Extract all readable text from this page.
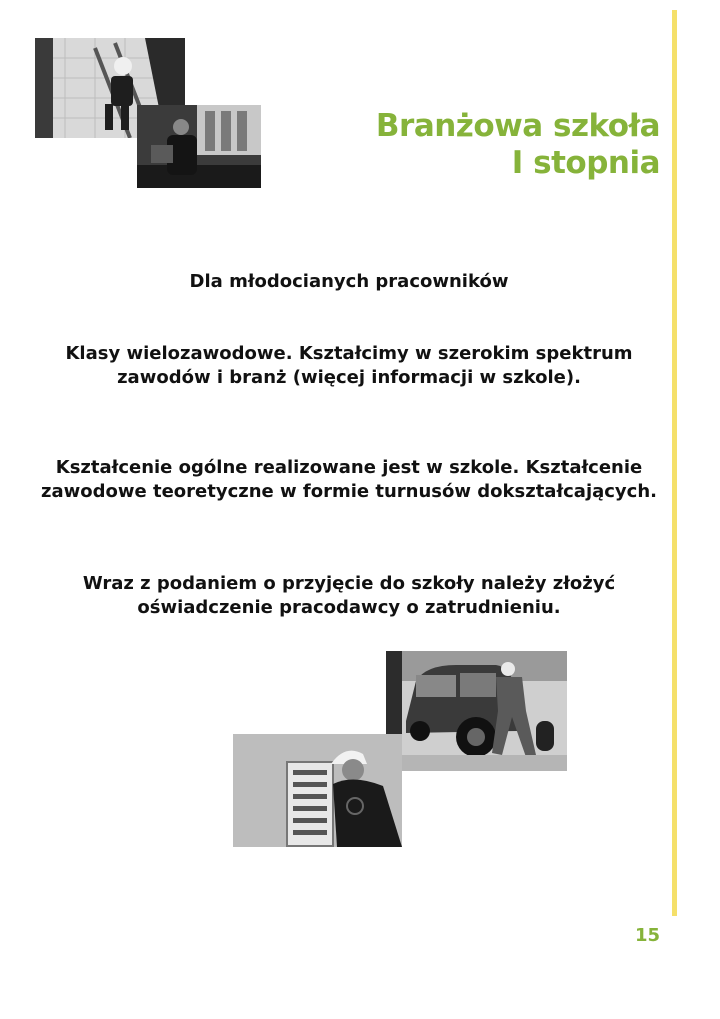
Branżowa szkoła
I stopnia
Dla młodocianych pracowników
Klasy wielozawodowe. Kształcimy w szerokim spektrum zawodów i branż (więcej informacji w szkole).
Kształcenie ogólne realizowane jest w szkole. Kształcenie zawodowe teoretyczne w formie turnusów dokształcających.
Wraz z podaniem o przyjęcie do szkoły należy złożyć oświadczenie pracodawcy o zatrudnieniu.
15
